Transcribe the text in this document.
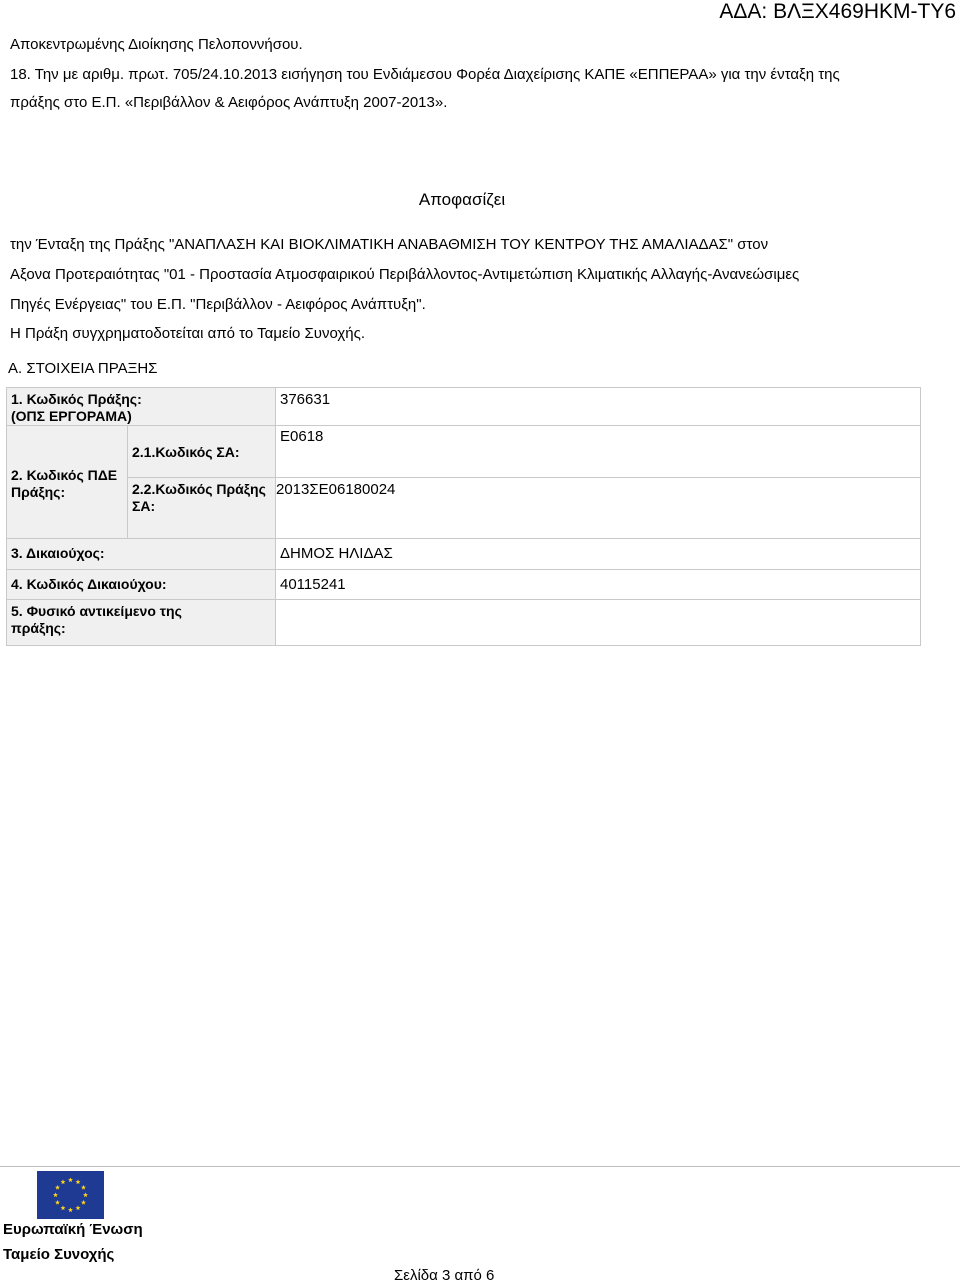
ΑΔΑ: ΒΛΞΧ469ΗΚΜ-ΤΥ6
Αποκεντρωμένης Διοίκησης Πελοποννήσου.
18. Την με αριθμ. πρωτ. 705/24.10.2013 εισήγηση του Ενδιάμεσου Φορέα Διαχείρισης ΚΑΠΕ «ΕΠΠΕΡΑΑ» για την ένταξη της
πράξης στο Ε.Π. «Περιβάλλον & Αειφόρος Ανάπτυξη 2007-2013».
Αποφασίζει
την Ένταξη της Πράξης "ΑΝΑΠΛΑΣΗ ΚΑΙ ΒΙΟΚΛΙΜΑΤΙΚΗ ΑΝΑΒΑΘΜΙΣΗ ΤΟΥ ΚΕΝΤΡΟΥ ΤΗΣ ΑΜΑΛΙΑΔΑΣ" στον
Αξονα Προτεραιότητας "01 - Προστασία Ατμοσφαιρικού Περιβάλλοντος-Αντιμετώπιση Κλιματικής Αλλαγής-Ανανεώσιμες
Πηγές Ενέργειας" του Ε.Π. "Περιβάλλον - Αειφόρος Ανάπτυξη".
Η Πράξη συγχρηματοδοτείται από το Ταμείο Συνοχής.
Α. ΣΤΟΙΧΕΙΑ ΠΡΑΞΗΣ
1. Κωδικός Πράξης:
(ΟΠΣ ΕΡΓΟΡΑΜΑ)		376631

2. Κωδικός ΠΔΕ
Πράξης:	2.1.Κωδικός ΣΑ:	Ε0618

	2.2.Κωδικός Πράξης
ΣΑ:	2013ΣΕ06180024

3. Δικαιούχος:		ΔΗΜΟΣ ΗΛΙΔΑΣ

4. Κωδικός Δικαιούχου:		40115241

5. Φυσικό αντικείμενο της
πράξης:		

Ευρωπαϊκή Ένωση
Ταμείο Συνοχής
Σελίδα 3 από 6
